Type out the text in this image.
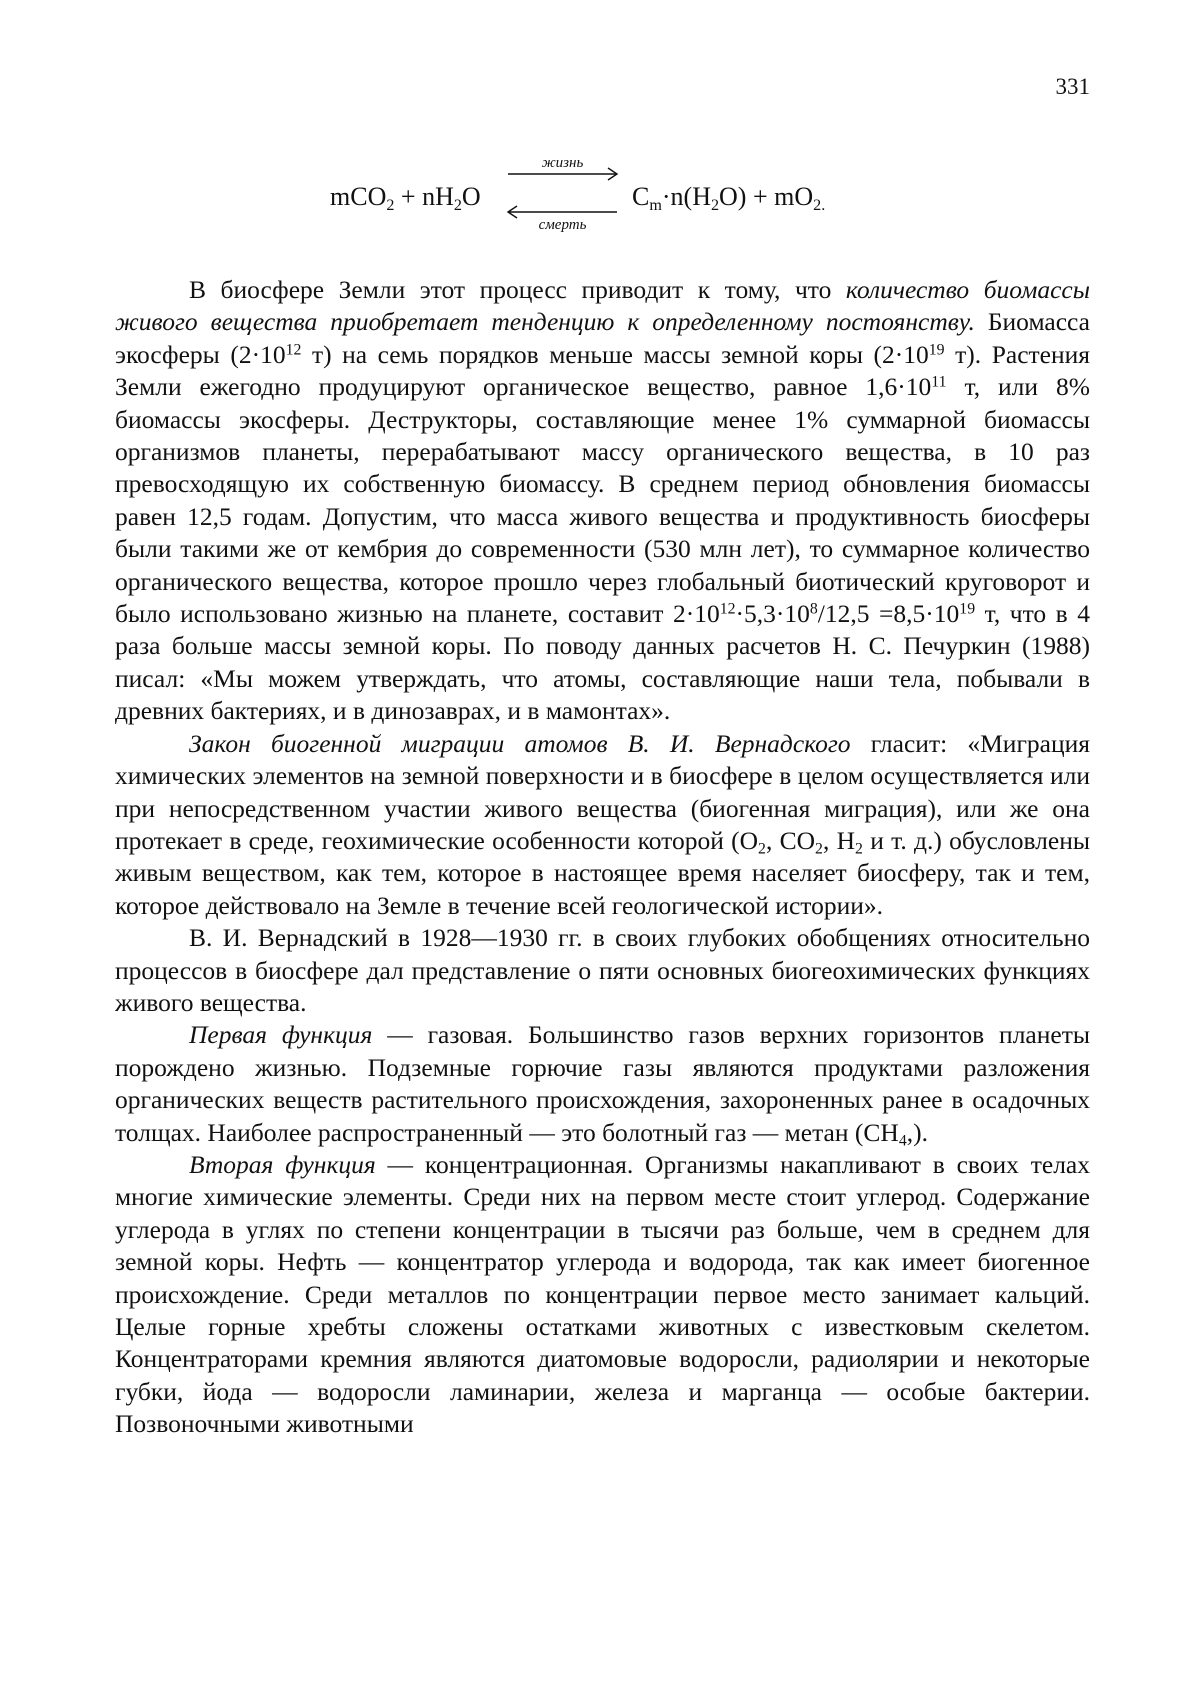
331
$mCO_2 + nH_2O$
жизнь
смерть
$C_m\cdot n(H_2O) + mO_{2.}$

В биосфере Земли этот процесс приводит к тому, что количество биомассы живого вещества приобретает тенденцию к определенному постоянству. Биомасса экосферы ($2\cdot 10^{12}$ т) на семь порядков меньше массы земной коры ($2\cdot 10^{19}$ т). Растения Земли ежегодно продуцируют органическое вещество, равное $1,6\cdot 10^{11}$ т, или 8% биомассы экосферы. Деструкторы, составляющие менее 1% суммарной биомассы организмов планеты, перерабатывают массу органического вещества, в 10 раз превосходящую их собственную биомассу. В среднем период обновления биомассы равен 12,5 годам. Допустим, что масса живого вещества и продуктивность биосферы были такими же от кембрия до современности (530 млн лет), то суммарное количество органического вещества, которое прошло через глобальный биотический круговорот и было использовано жизнью на планете, составит $2\cdot 10^{12}\cdot 5,3\cdot 10^8/12,5 =8,5\cdot 10^{19}$ т, что в 4 раза больше массы земной коры. По поводу данных расчетов Н. С. Печуркин (1988) писал: «Мы можем утверждать, что атомы, составляющие наши тела, побывали в древних бактериях, и в динозаврах, и в мамонтах».

Закон биогенной миграции атомов В. И. Вернадского гласит: «Миграция химических элементов на земной поверхности и в биосфере в целом осуществляется или при непосредственном участии живого вещества (биогенная миграция), или же она протекает в среде, геохимические особенности которой ($O_2$, $CO_2$, $H_2$ и т. д.) обусловлены живым веществом, как тем, которое в настоящее время населяет биосферу, так и тем, которое действовало на Земле в течение всей геологической истории».

В. И. Вернадский в 1928—1930 гг. в своих глубоких обобщениях относительно процессов в биосфере дал представление о пяти основных биогеохимических функциях живого вещества.

Первая функция — газовая. Большинство газов верхних горизонтов планеты порождено жизнью. Подземные горючие газы являются продуктами разложения органических веществ растительного происхождения, захороненных ранее в осадочных толщах. Наиболее распространенный — это болотный газ — метан $(CH_4,)$.

Вторая функция — концентрационная. Организмы накапливают в своих телах многие химические элементы. Среди них на первом месте стоит углерод. Содержание углерода в углях по степени концентрации в тысячи раз больше, чем в среднем для земной коры. Нефть — концентратор углерода и водорода, так как имеет биогенное происхождение. Среди металлов по концентрации первое место занимает кальций. Целые горные хребты сложены остатками животных с известковым скелетом. Концентраторами кремния являются диатомовые водоросли, радиолярии и некоторые губки, йода — водоросли ламинарии, железа и марганца — особые бактерии. Позвоночными животными
